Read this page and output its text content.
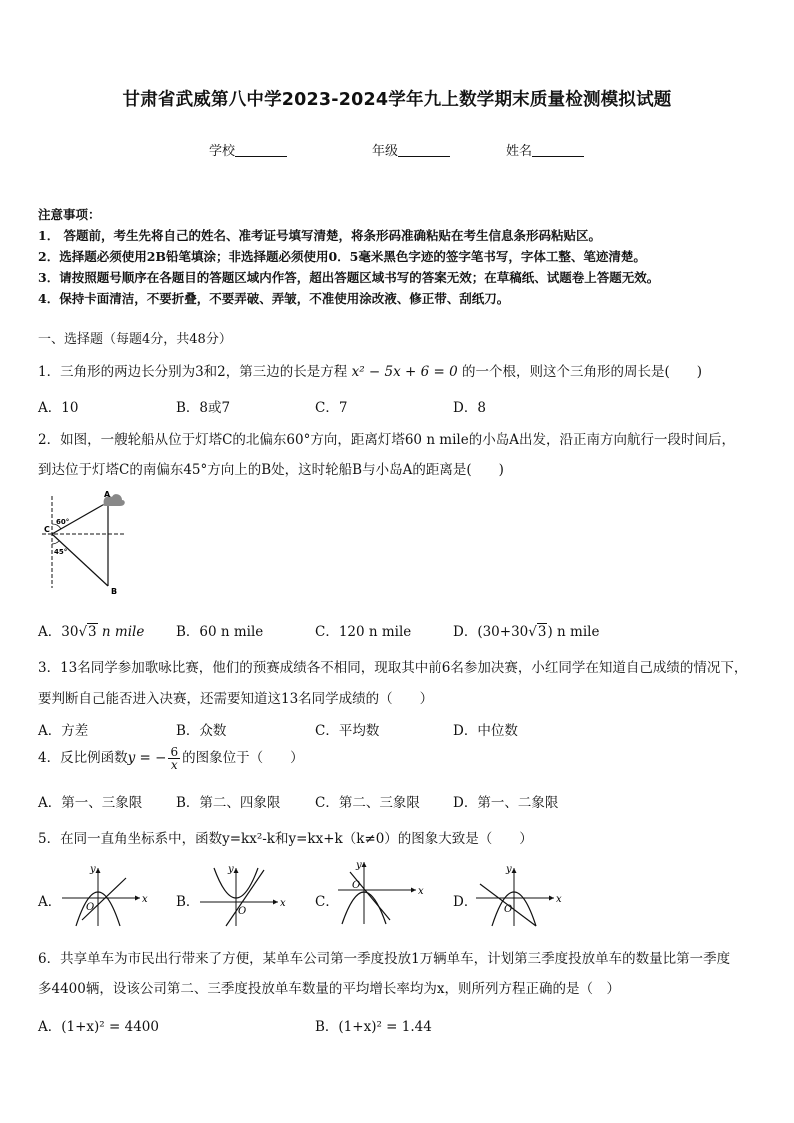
甘肃省武威第八中学2023-2024学年九上数学期末质量检测模拟试题
学校	年级	姓名
注意事项：
1． 答题前，考生先将自己的姓名、准考证号填写清楚，将条形码准确粘贴在考生信息条形码粘贴区。
2．选择题必须使用2B铅笔填涂；非选择题必须使用0．5毫米黑色字迹的签字笔书写，字体工整、笔迹清楚。
3．请按照题号顺序在各题目的答题区域内作答，超出答题区域书写的答案无效；在草稿纸、试题卷上答题无效。
4．保持卡面清洁，不要折叠，不要弄破、弄皱，不准使用涂改液、修正带、刮纸刀。
一、选择题（每题4分，共48分）
1．三角形的两边长分别为3和2，第三边的长是方程 x² − 5x + 6 = 0 的一个根，则这个三角形的周长是(　　)
A．10	B．8或7	C．7	D．8
2．如图，一艘轮船从位于灯塔C的北偏东60°方向，距离灯塔60 n mile的小岛A出发，沿正南方向航行一段时间后，
到达位于灯塔C的南偏东45°方向上的B处，这时轮船B与小岛A的距离是(　　)
A
B
C
60°
45°
A．30√3 n mile B．60 n mile	C．120 n mile	D．(30+30√3) n mile
3．13名同学参加歌咏比赛，他们的预赛成绩各不相同，现取其中前6名参加决赛，小红同学在知道自己成绩的情况下，
要判断自己能否进入决赛，还需要知道这13名同学成绩的（　　）
A．方差	B．众数	C．平均数	D．中位数
4．反比例函数y = − $\frac{6}{x}$ 的图象位于（　　）
A．第一、三象限	B．第二、四象限	C．第二、三象限 D．第一、二象限
5．在同一直角坐标系中，函数y=kx²-k和y=kx+k（k≠0）的图象大致是（　　）
A．	x
y
O	B．	x
y
O
C．
x
y
O
D．	x
y
O
6．共享单车为市民出行带来了方便，某单车公司第一季度投放1万辆单车，计划第三季度投放单车的数量比第一季度
多4400辆，设该公司第二、三季度投放单车数量的平均增长率均为x，则所列方程正确的是（　）
A．(1+x)² = 4400	B．(1+x)² = 1.44
